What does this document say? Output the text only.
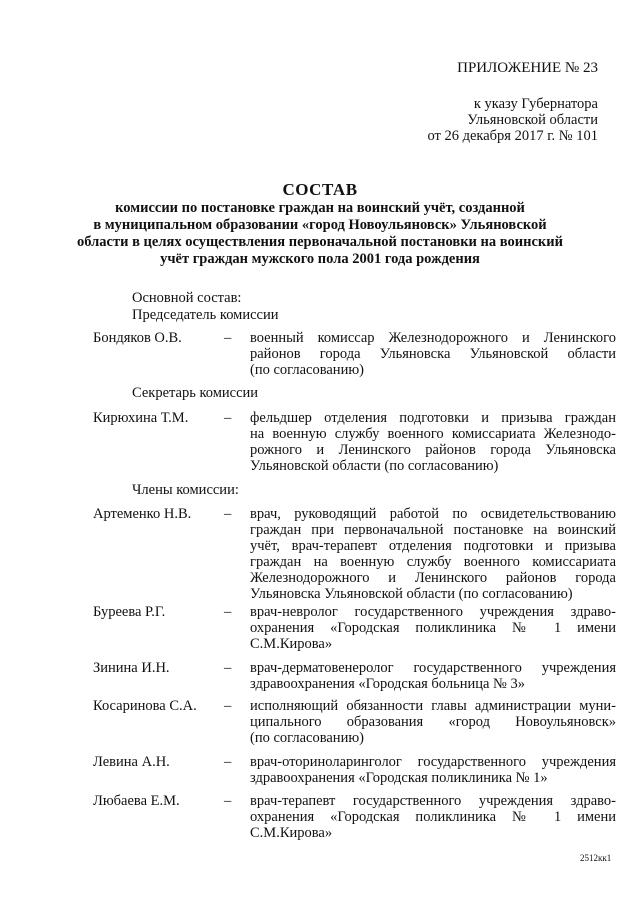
ПРИЛОЖЕНИЕ № 23
к указу Губернатора
Ульяновской области
от 26 декабря 2017 г. № 101
СОСТАВ
комиссии по постановке граждан на воинский учёт, созданной
в муниципальном образовании «город Новоульяновск» Ульяновской
области в целях осуществления первоначальной постановки на воинский
учёт граждан мужского пола 2001 года рождения
Основной состав:
Председатель комиссии
Бондяков О.В.	– военный комиссар Железнодорожного и Ленинского
районов города Ульяновска Ульяновской области
(по согласованию)
Секретарь комиссии
Кирюхина Т.М. – фельдшер отделения подготовки и призыва граждан
на военную службу военного комиссариата Железнодо-
рожного и Ленинского районов города Ульяновска
Ульяновской области (по согласованию)
Члены комиссии:
Артеменко Н.В. – врач, руководящий работой по освидетельствованию
граждан при первоначальной постановке на воинский
учёт, врач-терапевт отделения подготовки и призыва
граждан на военную службу военного комиссариата
Железнодорожного и Ленинского районов города
Ульяновска Ульяновской области (по согласованию)
Буреева Р.Г.	– врач-невролог государственного учреждения здраво-
охранения «Городская поликлиника № 1 имени
С.М.Кирова»
Зинина И.Н.	– врач-дерматовенеролог государственного учреждения
здравоохранения «Городская больница № 3»
Косаринова С.А. – исполняющий обязанности главы администрации муни-
ципального образования «город Новоульяновск»
(по согласованию)
Левина А.Н.	– врач-оториноларинголог государственного учреждения
здравоохранения «Городская поликлиника № 1»
Любаева Е.М.	– врач-терапевт государственного учреждения здраво-
охранения «Городская поликлиника № 1 имени
С.М.Кирова»
2512кк1
